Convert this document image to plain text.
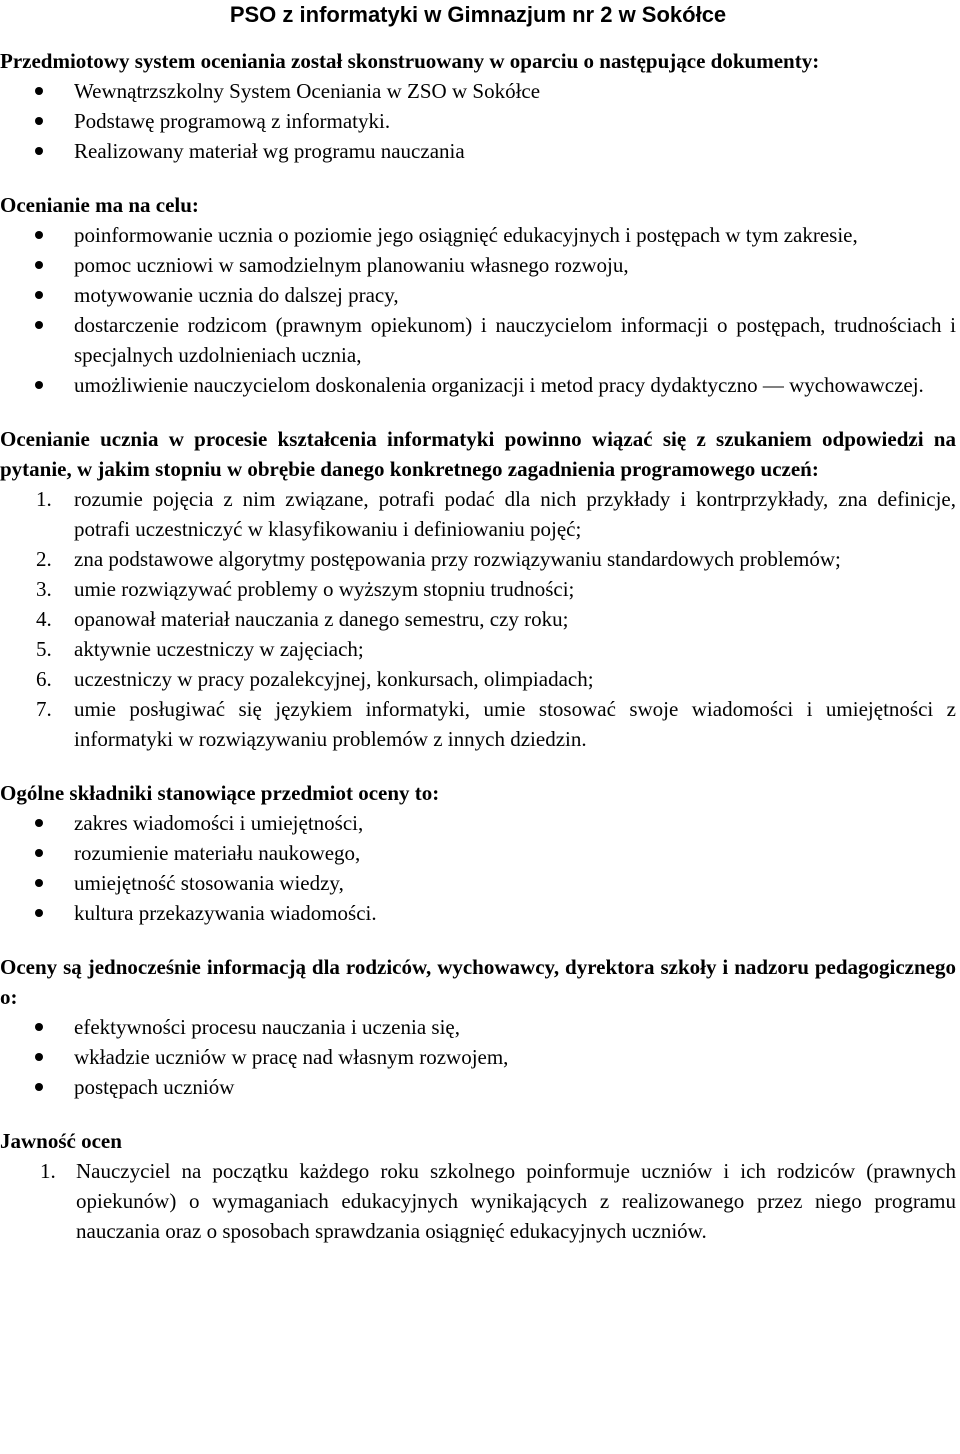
PSO z informatyki w Gimnazjum nr 2 w Sokółce

Przedmiotowy system oceniania został skonstruowany w oparciu o następujące dokumenty:

Wewnątrzszkolny System Oceniania w ZSO w Sokółce
Podstawę programową z informatyki.
Realizowany materiał wg programu nauczania

Ocenianie ma na celu:

poinformowanie ucznia o poziomie jego osiągnięć edukacyjnych i postępach w tym zakresie,
pomoc uczniowi w samodzielnym planowaniu własnego rozwoju,
motywowanie ucznia do dalszej pracy,
dostarczenie rodzicom (prawnym opiekunom) i nauczycielom informacji o postępach, trudnościach i specjalnych uzdolnieniach ucznia,
umożliwienie nauczycielom doskonalenia organizacji i metod pracy dydaktyczno — wychowawczej.

Ocenianie ucznia w procesie kształcenia informatyki powinno wiązać się z szukaniem odpowiedzi na pytanie, w jakim stopniu w obrębie danego konkretnego zagadnienia programowego uczeń:

1. rozumie pojęcia z nim związane, potrafi podać dla nich przykłady i kontrprzykłady, zna definicje, potrafi uczestniczyć w klasyfikowaniu i definiowaniu pojęć;
2. zna podstawowe algorytmy postępowania przy rozwiązywaniu standardowych problemów;
3. umie rozwiązywać problemy o wyższym stopniu trudności;
4. opanował materiał nauczania z danego semestru, czy roku;
5. aktywnie uczestniczy w zajęciach;
6. uczestniczy w pracy pozalekcyjnej, konkursach, olimpiadach;
7. umie posługiwać się językiem informatyki, umie stosować swoje wiadomości i umiejętności z informatyki w rozwiązywaniu problemów z innych dziedzin.

Ogólne składniki stanowiące przedmiot oceny to:

zakres wiadomości i umiejętności,
rozumienie materiału naukowego,
umiejętność stosowania wiedzy,
kultura przekazywania wiadomości.

Oceny są jednocześnie informacją dla rodziców, wychowawcy, dyrektora szkoły i nadzoru pedagogicznego o:

efektywności procesu nauczania i uczenia się,
wkładzie uczniów w pracę nad własnym rozwojem,
postępach uczniów

Jawność ocen

1. Nauczyciel na początku każdego roku szkolnego poinformuje uczniów i ich rodziców (prawnych opiekunów) o wymaganiach edukacyjnych wynikających z realizowanego przez niego programu nauczania oraz o sposobach sprawdzania osiągnięć edukacyjnych uczniów.
